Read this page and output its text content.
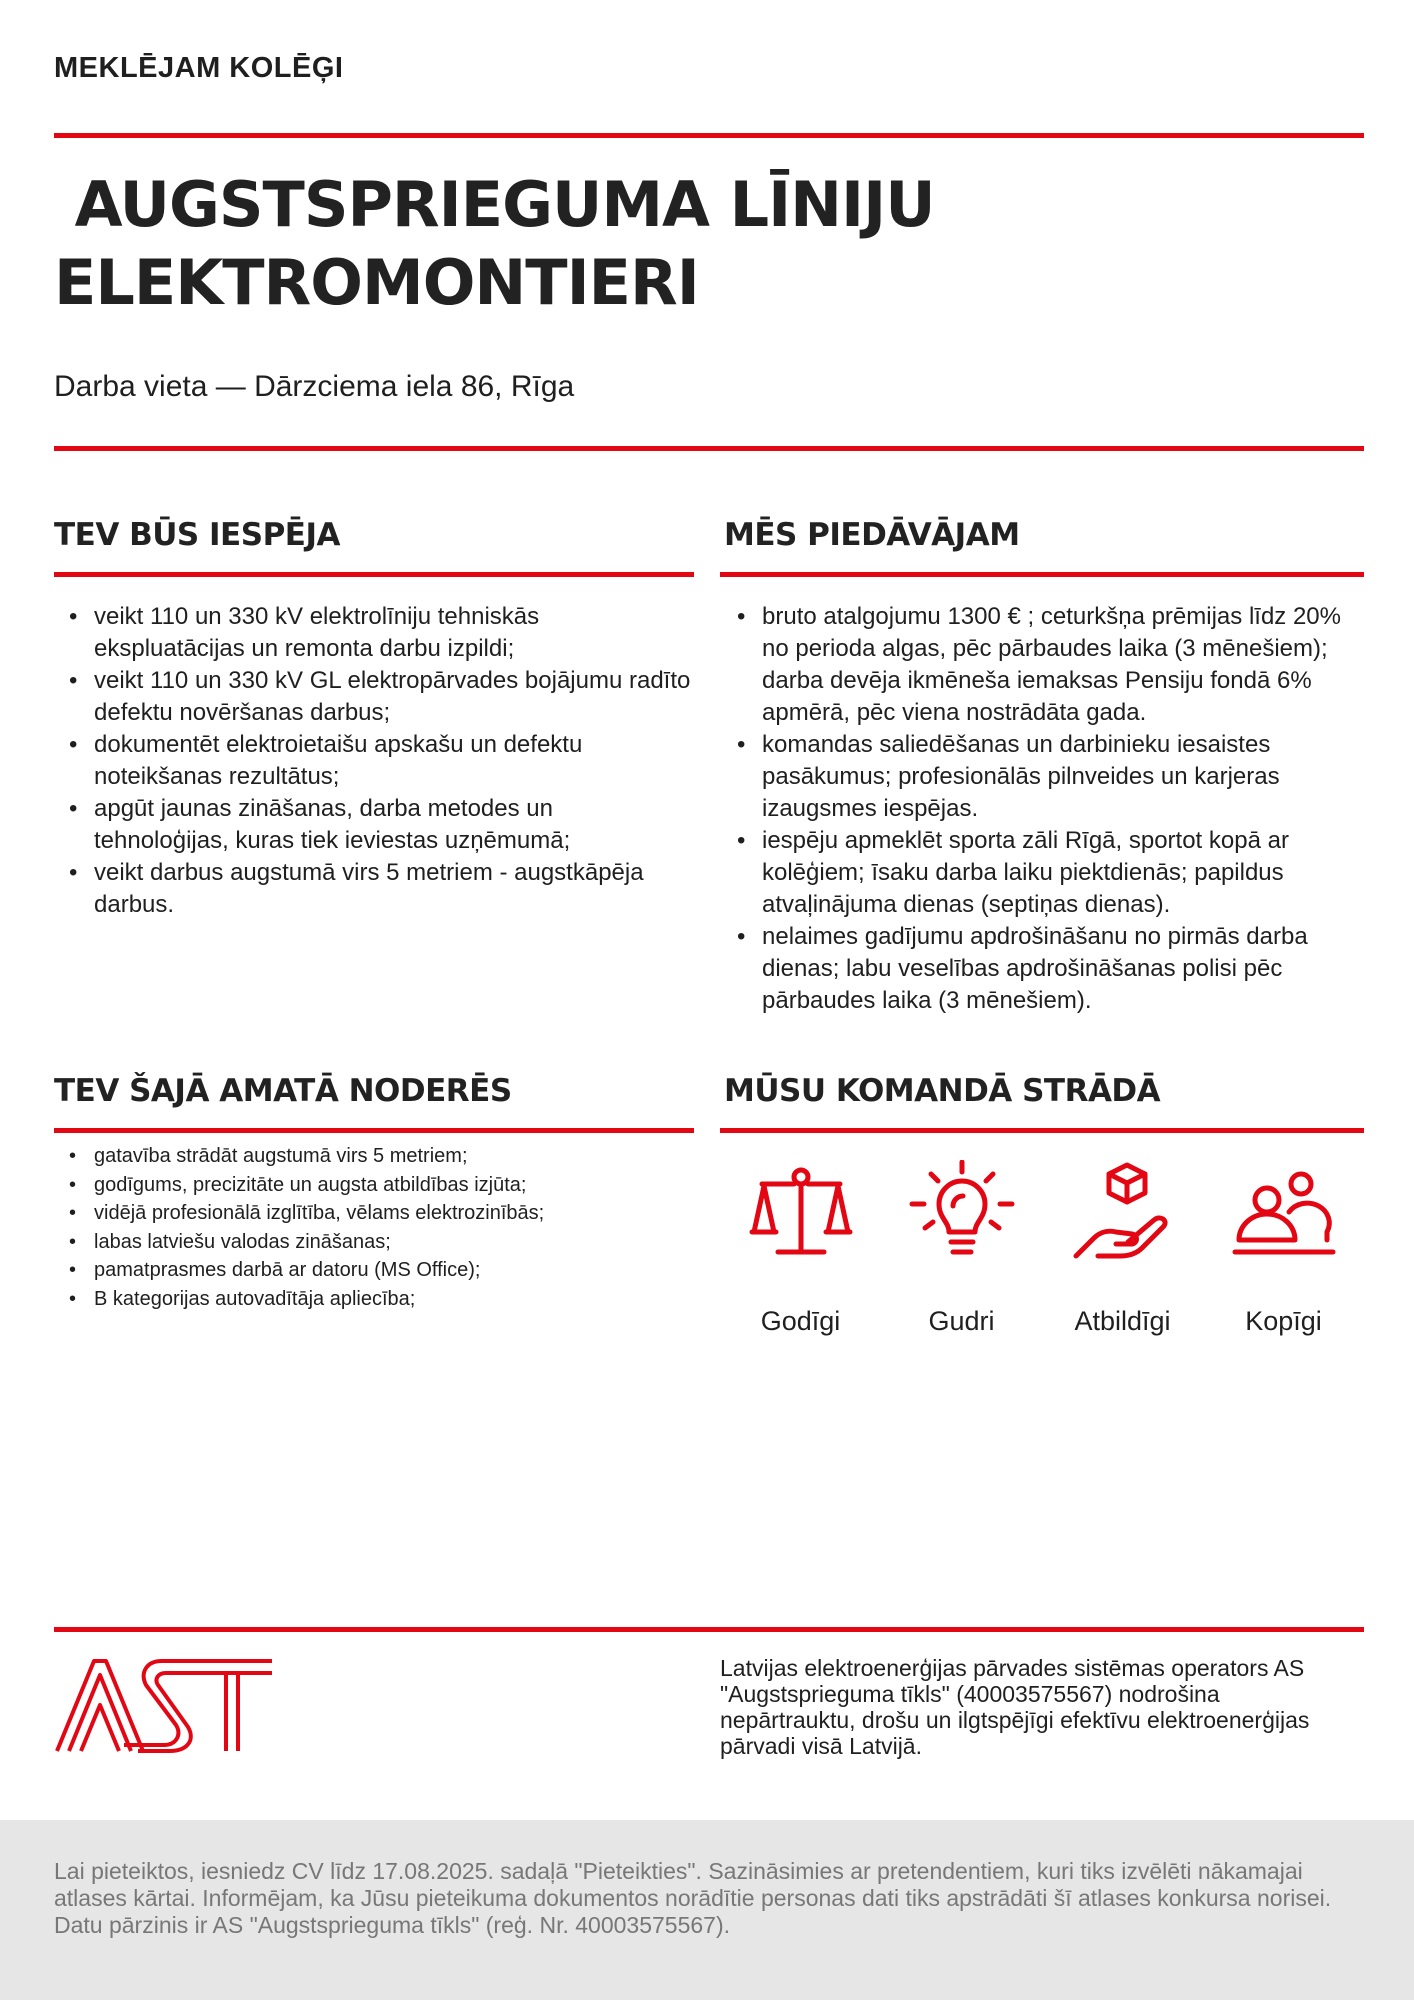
MEKLĒJAM KOLĒĢI
AUGSTSPRIEGUMA LĪNIJU
ELEKTROMONTIERI
Darba vieta — Dārzciema iela 86, Rīga
TEV BŪS IESPĒJA
• veikt 110 un 330 kV elektrolīniju tehniskās ekspluatācijas un remonta darbu izpildi;
• veikt 110 un 330 kV GL elektropārvades bojājumu radīto defektu novēršanas darbus;
• dokumentēt elektroietaišu apskašu un defektu noteikšanas rezultātus;
• apgūt jaunas zināšanas, darba metodes un tehnoloģijas, kuras tiek ieviestas uzņēmumā;
• veikt darbus augstumā virs 5 metriem - augstkāpēja darbus.
MĒS PIEDĀVĀJAM
• bruto atalgojumu 1300 € ; ceturkšņa prēmijas līdz 20% no perioda algas, pēc pārbaudes laika (3 mēnešiem); darba devēja ikmēneša iemaksas Pensiju fondā 6% apmērā, pēc viena nostrādāta gada.
• komandas saliedēšanas un darbinieku iesaistes pasākumus; profesionālās pilnveides un karjeras izaugsmes iespējas.
• iespēju apmeklēt sporta zāli Rīgā, sportot kopā ar kolēģiem; īsaku darba laiku piektdienās; papildus atvaļinājuma dienas (septiņas dienas).
• nelaimes gadījumu apdrošināšanu no pirmās darba dienas; labu veselības apdrošināšanas polisi pēc pārbaudes laika (3 mēnešiem).
TEV ŠAJĀ AMATĀ NODERĒS
• gatavība strādāt augstumā virs 5 metriem;
• godīgums, precizitāte un augsta atbildības izjūta;
• vidējā profesionālā izglītība, vēlams elektrozinībās;
• labas latviešu valodas zināšanas;
• pamatprasmes darbā ar datoru (MS Office);
• B kategorijas autovadītāja apliecība;
MŪSU KOMANDĀ STRĀDĀ
Godīgi	Gudri	Atbildīgi	Kopīgi
Latvijas elektroenerģijas pārvades sistēmas operators AS "Augstsprieguma tīkls" (40003575567) nodrošina nepārtrauktu, drošu un ilgtspējīgi efektīvu elektroenerģijas pārvadi visā Latvijā.
Lai pieteiktos, iesniedz CV līdz 17.08.2025. sadaļā "Pieteikties". Sazināsimies ar pretendentiem, kuri tiks izvēlēti nākamajai atlases kārtai. Informējam, ka Jūsu pieteikuma dokumentos norādītie personas dati tiks apstrādāti šī atlases konkursa norisei. Datu pārzinis ir AS "Augstsprieguma tīkls" (reģ. Nr. 40003575567).
